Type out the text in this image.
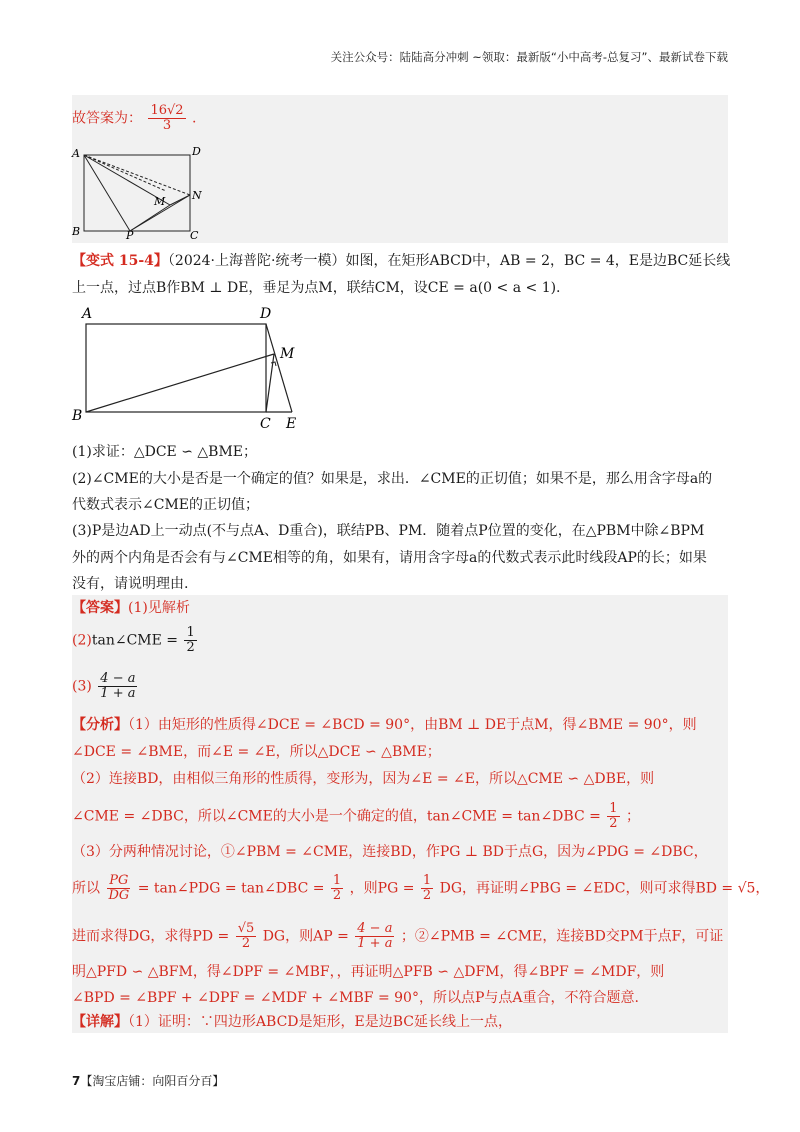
关注公众号：陆陆高分冲刺 ~领取：最新版“小中高考-总复习”、最新试卷下载
故答案为： $\frac{16√2}{3}$ .
A	D
B	C
P
M N
【变式 15-4】（2024·上海普陀·统考一模）如图，在矩形ABCD中，AB = 2，BC = 4，E是边BC延长线
上一点，过点B作BM ⊥ DE，垂足为点M，联结CM，设CE = a(0 < a < 1).
A	D
M
B	C E
(1)求证：△DCE ∽ △BME；
(2)∠CME的大小是否是一个确定的值？如果是，求出．∠CME的正切值；如果不是，那么用含字母a的
代数式表示∠CME的正切值；
(3)P是边AD上一动点(不与点A、D重合)，联结PB、PM．随着点P位置的变化，在△PBM中除∠BPM
外的两个内角是否会有与∠CME相等的角，如果有，请用含字母a的代数式表示此时线段AP的长；如果
没有，请说明理由.
【答案】(1)见解析
(2)tan∠CME = $\frac{1}{2}$
$(3) \frac{4 - a}{1 + a}$
【分析】（1）由矩形的性质得∠DCE = ∠BCD = 90°，由BM ⊥ DE于点M，得∠BME = 90°，则
∠DCE = ∠BME，而∠E = ∠E，所以△DCE ∽ △BME；
（2）连接BD，由相似三角形的性质得，变形为，因为∠E = ∠E，所以△CME ∽ △DBE，则
∠CME = ∠DBC，所以∠CME的大小是一个确定的值，tan∠CME = tan∠DBC = $\frac{1}{2}$ ；
（3）分两种情况讨论，①∠PBM = ∠CME，连接BD，作PG ⊥ BD于点G，因为∠PDG = ∠DBC，
所以 $\frac{PG}{DG}$ = tan∠PDG = tan∠DBC = $\frac{1}{2}$ ，则PG = $\frac{1}{2}$ DG，再证明∠PBG = ∠EDC，则可求得BD = √5，
进而求得DG，求得PD = $\frac{√5}{2}$ DG，则AP = $\frac{4 - a}{1 + a}$ ；②∠PMB = ∠CME，连接BD交PM于点F，可证
明△PFD ∽ △BFM，得∠DPF = ∠MBF，，再证明△PFB ∽ △DFM，得∠BPF = ∠MDF，则
∠BPD = ∠BPF + ∠DPF = ∠MDF + ∠MBF = 90°，所以点P与点A重合，不符合题意.
【详解】（1）证明：∵四边形ABCD是矩形，E是边BC延长线上一点，
7【淘宝店铺：向阳百分百】
